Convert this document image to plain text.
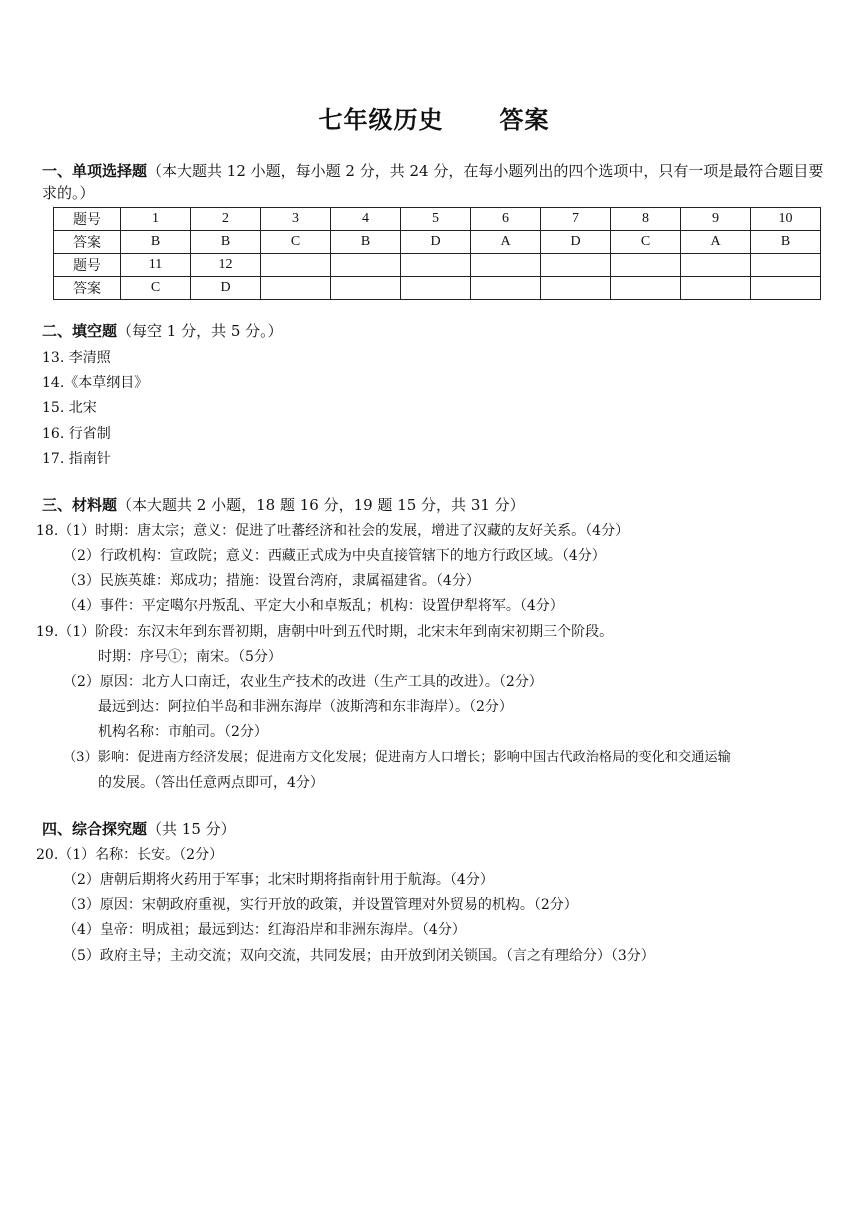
七年级历史 答案
一、单项选择题（本大题共 12 小题，每小题 2 分，共 24 分，在每小题列出的四个选项中，只有一项是最符合题目要求的。）
题号	1	2	3	4	5	6	7	8	9	10
答案	B	B	C	B	D	A	D	C	A	B
题号	11	12								
答案	C	D								
二、填空题（每空 1 分，共 5 分。）
13. 李清照
14.《本草纲目》
15. 北宋
16. 行省制
17. 指南针
三、材料题（本大题共 2 小题，18 题 16 分，19 题 15 分，共 31 分）
18.（1）时期：唐太宗；意义：促进了吐蕃经济和社会的发展，增进了汉藏的友好关系。（4分）
（2）行政机构：宣政院；意义：西藏正式成为中央直接管辖下的地方行政区域。（4分）
（3）民族英雄：郑成功；措施：设置台湾府，隶属福建省。（4分）
（4）事件：平定噶尔丹叛乱、平定大小和卓叛乱；机构：设置伊犁将军。（4分）
19.（1）阶段：东汉末年到东晋初期，唐朝中叶到五代时期，北宋末年到南宋初期三个阶段。
时期：序号①；南宋。（5分）
（2）原因：北方人口南迁，农业生产技术的改进（生产工具的改进）。（2分）
最远到达：阿拉伯半岛和非洲东海岸（波斯湾和东非海岸）。（2分）
机构名称：市舶司。（2分）
（3）影响：促进南方经济发展；促进南方文化发展；促进南方人口增长；影响中国古代政治格局的变化和交通运输
的发展。（答出任意两点即可，4分）
四、综合探究题（共 15 分）
20.（1）名称：长安。（2分）
（2）唐朝后期将火药用于军事；北宋时期将指南针用于航海。（4分）
（3）原因：宋朝政府重视，实行开放的政策，并设置管理对外贸易的机构。（2分）
（4）皇帝：明成祖；最远到达：红海沿岸和非洲东海岸。（4分）
（5）政府主导；主动交流；双向交流，共同发展；由开放到闭关锁国。（言之有理给分）（3分）
